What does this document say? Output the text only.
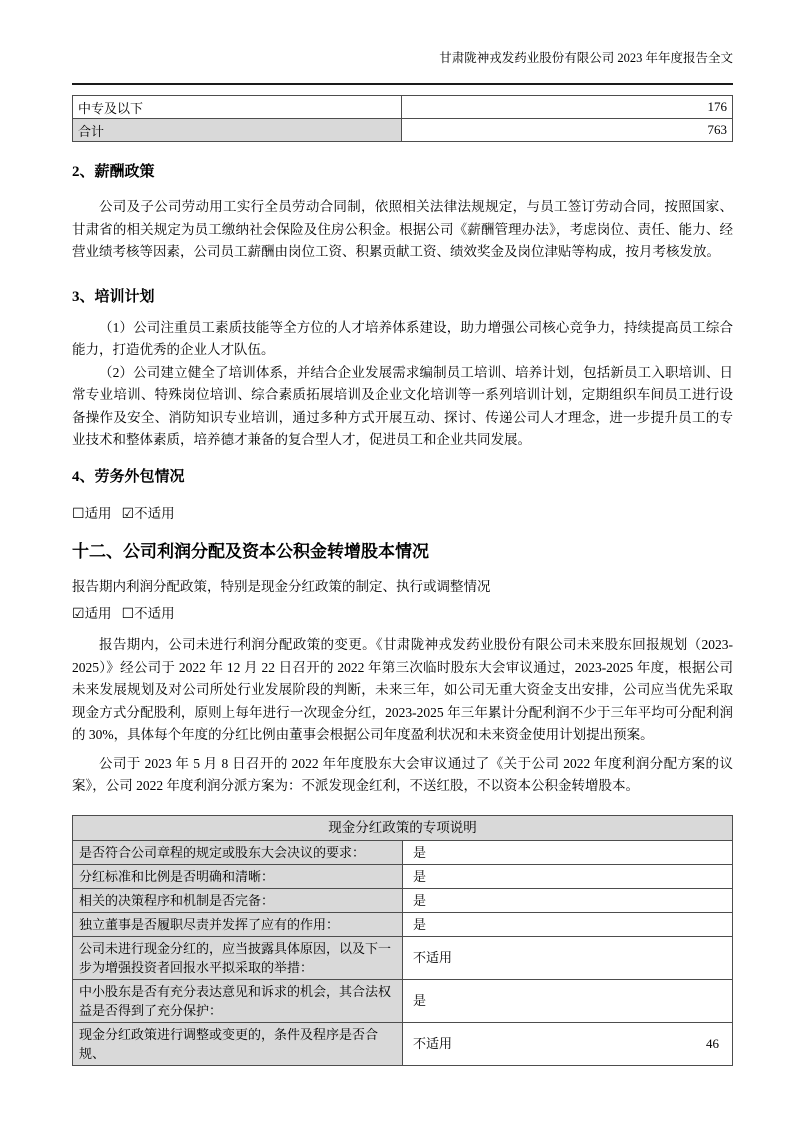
甘肃陇神戎发药业股份有限公司 2023 年年度报告全文
中专及以下	176
合计	763
2、薪酬政策

公司及子公司劳动用工实行全员劳动合同制，依照相关法律法规规定，与员工签订劳动合同，按照国家、甘肃省的相关规定为员工缴纳社会保险及住房公积金。根据公司《薪酬管理办法》，考虑岗位、责任、能力、经营业绩考核等因素，公司员工薪酬由岗位工资、积累贡献工资、绩效奖金及岗位津贴等构成，按月考核发放。

3、培训计划

（1）公司注重员工素质技能等全方位的人才培养体系建设，助力增强公司核心竞争力，持续提高员工综合能力，打造优秀的企业人才队伍。

（2）公司建立健全了培训体系，并结合企业发展需求编制员工培训、培养计划，包括新员工入职培训、日常专业培训、特殊岗位培训、综合素质拓展培训及企业文化培训等一系列培训计划，定期组织车间员工进行设备操作及安全、消防知识专业培训，通过多种方式开展互动、探讨、传递公司人才理念，进一步提升员工的专业技术和整体素质，培养德才兼备的复合型人才，促进员工和企业共同发展。

4、劳务外包情况
☐适用 ☑不适用
十二、公司利润分配及资本公积金转增股本情况
报告期内利润分配政策，特别是现金分红政策的制定、执行或调整情况
☑适用 ☐不适用

报告期内，公司未进行利润分配政策的变更。《甘肃陇神戎发药业股份有限公司未来股东回报规划（2023-2025）》经公司于 2022 年 12 月 22 日召开的 2022 年第三次临时股东大会审议通过，2023-2025 年度，根据公司未来发展规划及对公司所处行业发展阶段的判断，未来三年，如公司无重大资金支出安排，公司应当优先采取现金方式分配股利，原则上每年进行一次现金分红，2023-2025 年三年累计分配利润不少于三年平均可分配利润的 30%，具体每个年度的分红比例由董事会根据公司年度盈利状况和未来资金使用计划提出预案。

公司于 2023 年 5 月 8 日召开的 2022 年年度股东大会审议通过了《关于公司 2022 年度利润分配方案的议案》，公司 2022 年度利润分派方案为：不派发现金红利，不送红股，不以资本公积金转增股本。

现金分红政策的专项说明	
是否符合公司章程的规定或股东大会决议的要求：	是
分红标准和比例是否明确和清晰：	是
相关的决策程序和机制是否完备：	是
独立董事是否履职尽责并发挥了应有的作用：	是
公司未进行现金分红的，应当披露具体原因，以及下一步为增强投资者回报水平拟采取的举措：	不适用
中小股东是否有充分表达意见和诉求的机会，其合法权益是否得到了充分保护：	是
现金分红政策进行调整或变更的，条件及程序是否合规、	不适用	46
